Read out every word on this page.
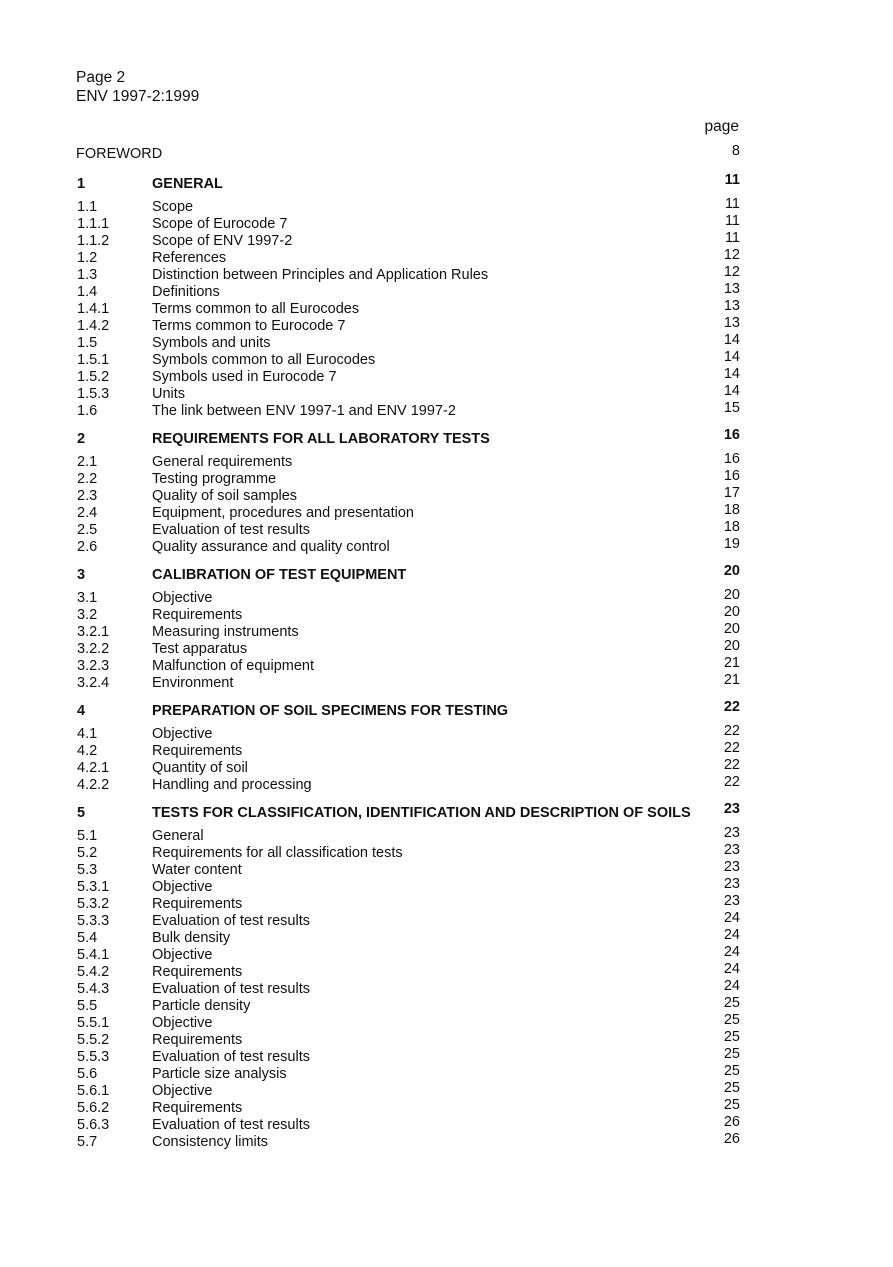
Page 2
ENV 1997-2:1999
page
FOREWORD	8
1	GENERAL	11
1.1	Scope	11
1.1.1	Scope of Eurocode 7	11
1.1.2	Scope of ENV 1997-2	11
1.2	References	12
1.3	Distinction between Principles and Application Rules	12
1.4	Definitions	13
1.4.1	Terms common to all Eurocodes	13
1.4.2	Terms common to Eurocode 7	13
1.5	Symbols and units	14
1.5.1	Symbols common to all Eurocodes	14
1.5.2	Symbols used in Eurocode 7	14
1.5.3	Units	14
1.6	The link between ENV 1997-1 and ENV 1997-2	15
2	REQUIREMENTS FOR ALL LABORATORY TESTS	16
2.1	General requirements	16
2.2	Testing programme	16
2.3	Quality of soil samples	17
2.4	Equipment, procedures and presentation	18
2.5	Evaluation of test results	18
2.6	Quality assurance and quality control	19
3	CALIBRATION OF TEST EQUIPMENT	20
3.1	Objective	20
3.2	Requirements	20
3.2.1	Measuring instruments	20
3.2.2	Test apparatus	20
3.2.3	Malfunction of equipment	21
3.2.4	Environment	21
4	PREPARATION OF SOIL SPECIMENS FOR TESTING	22
4.1	Objective	22
4.2	Requirements	22
4.2.1	Quantity of soil	22
4.2.2	Handling and processing	22
5	TESTS FOR CLASSIFICATION, IDENTIFICATION AND DESCRIPTION OF SOILS 23
5.1	General	23
5.2	Requirements for all classification tests	23
5.3	Water content	23
5.3.1	Objective	23
5.3.2	Requirements	23
5.3.3	Evaluation of test results	24
5.4	Bulk density	24
5.4.1	Objective	24
5.4.2	Requirements	24
5.4.3	Evaluation of test results	24
5.5	Particle density	25
5.5.1	Objective	25
5.5.2	Requirements	25
5.5.3	Evaluation of test results	25
5.6	Particle size analysis	25
5.6.1	Objective	25
5.6.2	Requirements	25
5.6.3	Evaluation of test results	26
5.7	Consistency limits	26
